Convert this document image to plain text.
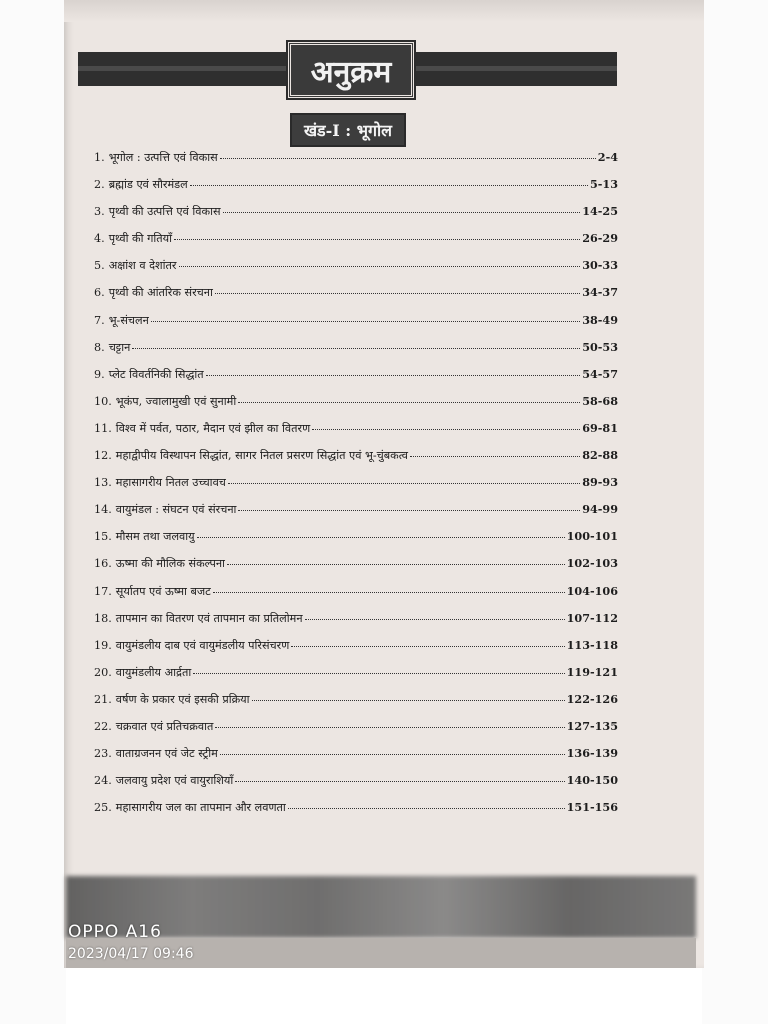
अनुक्रम
खंड-I : भूगोल
1. भूगोल : उत्पत्ति एवं विकास	2-4
2. ब्रह्मांड एवं सौरमंडल	5-13
3. पृथ्वी की उत्पत्ति एवं विकास	14-25
4. पृथ्वी की गतियाँ	26-29
5. अक्षांश व देशांतर	30-33
6. पृथ्वी की आंतरिक संरचना	34-37
7. भू-संचलन	38-49
8. चट्टान	50-53
9. प्लेट विवर्तनिकी सिद्धांत	54-57
10. भूकंप, ज्वालामुखी एवं सुनामी	58-68
11. विश्व में पर्वत, पठार, मैदान एवं झील का वितरण	69-81
12. महाद्वीपीय विस्थापन सिद्धांत, सागर नितल प्रसरण सिद्धांत एवं भू-चुंबकत्व	82-88
13. महासागरीय नितल उच्चावच	89-93
14. वायुमंडल : संघटन एवं संरचना	94-99
15. मौसम तथा जलवायु	100-101
16. ऊष्मा की मौलिक संकल्पना	102-103
17. सूर्यातप एवं ऊष्मा बजट	104-106
18. तापमान का वितरण एवं तापमान का प्रतिलोमन	107-112
19. वायुमंडलीय दाब एवं वायुमंडलीय परिसंचरण	113-118
20. वायुमंडलीय आर्द्रता	119-121
21. वर्षण के प्रकार एवं इसकी प्रक्रिया	122-126
22. चक्रवात एवं प्रतिचक्रवात	127-135
23. वाताग्रजनन एवं जेट स्ट्रीम	136-139
24. जलवायु प्रदेश एवं वायुराशियाँ	140-150
25. महासागरीय जल का तापमान और लवणता	151-156
OPPO A16
2023/04/17 09:46
